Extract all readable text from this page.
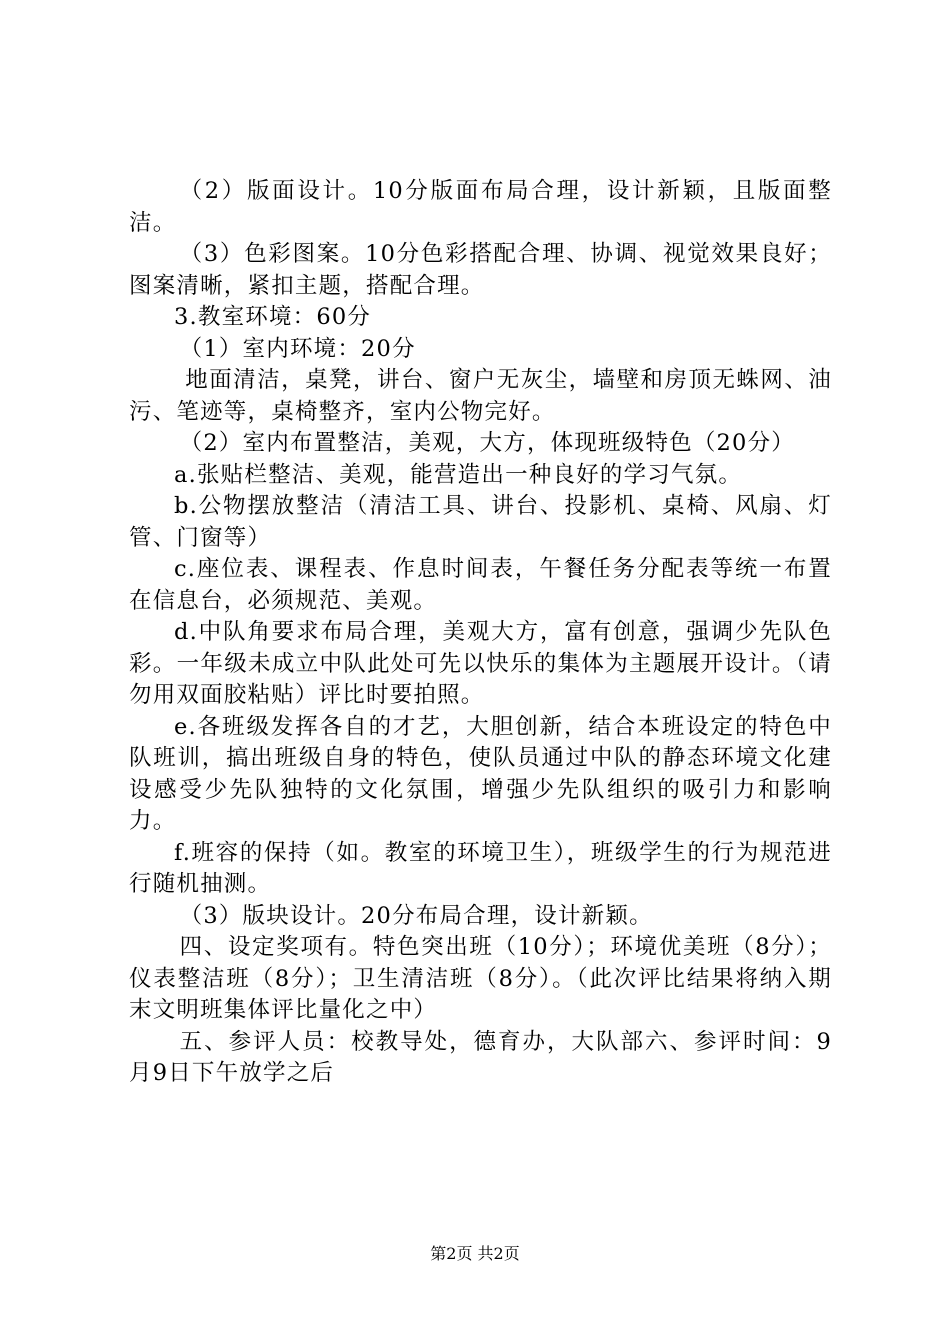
（2）版面设计。10分版面布局合理，设计新颖，且版面整洁。

（3）色彩图案。10分色彩搭配合理、协调、视觉效果良好；图案清晰，紧扣主题，搭配合理。

3.教室环境：60分

（1）室内环境：20分

地面清洁，桌凳，讲台、窗户无灰尘，墙壁和房顶无蛛网、油污、笔迹等，桌椅整齐，室内公物完好。

（2）室内布置整洁，美观，大方，体现班级特色（20分）

a.张贴栏整洁、美观，能营造出一种良好的学习气氛。

b.公物摆放整洁（清洁工具、讲台、投影机、桌椅、风扇、灯管、门窗等）

c.座位表、课程表、作息时间表，午餐任务分配表等统一布置在信息台，必须规范、美观。

d.中队角要求布局合理，美观大方，富有创意，强调少先队色彩。一年级未成立中队此处可先以快乐的集体为主题展开设计。（请勿用双面胶粘贴）评比时要拍照。

e.各班级发挥各自的才艺，大胆创新，结合本班设定的特色中队班训，搞出班级自身的特色，使队员通过中队的静态环境文化建设感受少先队独特的文化氛围，增强少先队组织的吸引力和影响力。

f.班容的保持（如。教室的环境卫生），班级学生的行为规范进行随机抽测。

（3）版块设计。20分布局合理，设计新颖。

四、设定奖项有。特色突出班（10分）；环境优美班（8分）；仪表整洁班（8分）；卫生清洁班（8分）。（此次评比结果将纳入期末文明班集体评比量化之中）

五、参评人员：校教导处，德育办，大队部六、参评时间：9月9日下午放学之后

第2页 共2页
